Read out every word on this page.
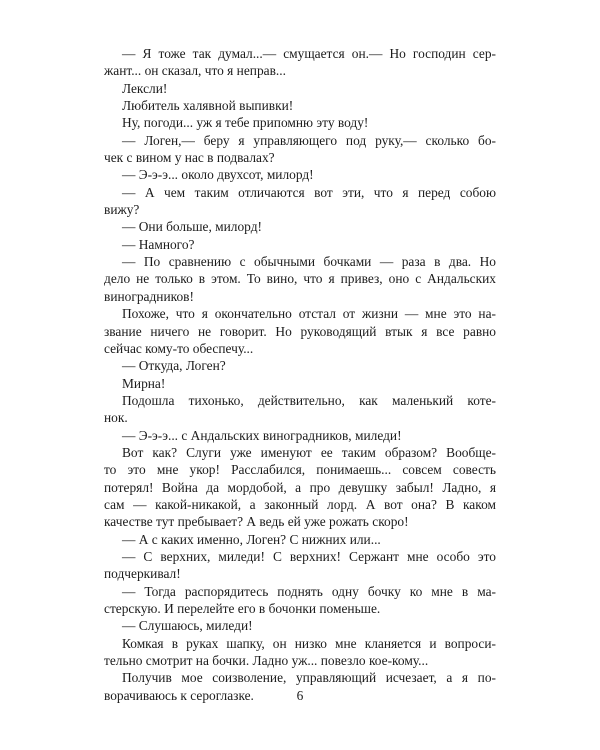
— Я тоже так думал...— смущается он.— Но господин сер-
жант... он сказал, что я неправ...
Лексли!
Любитель халявной выпивки!
Ну, погоди... уж я тебе припомню эту воду!
— Логен,— беру я управляющего под руку,— сколько бо-
чек с вином у нас в подвалах?
— Э-э-э... около двухсот, милорд!
— А чем таким отличаются вот эти, что я перед собою
вижу?
— Они больше, милорд!
— Намного?
— По сравнению с обычными бочками — раза в два. Но
дело не только в этом. То вино, что я привез, оно с Андальских
виноградников!
Похоже, что я окончательно отстал от жизни — мне это на-
звание ничего не говорит. Но руководящий втык я все равно
сейчас кому-то обеспечу...
— Откуда, Логен?
Мирна!
Подошла тихонько, действительно, как маленький котe-
нок.
— Э-э-э... с Андальских виноградников, миледи!
Вот как? Слуги уже именуют ее таким образом? Вообщe-
то это мне укор! Расслабился, понимаешь... совсем совесть
потерял! Война да мордобой, а про девушку забыл! Ладно, я
сам — какой-никакой, а законный лорд. А вот она? В каком
качестве тут пребывает? А ведь ей уже рожать скоро!
— А с каких именно, Логен? С нижних или...
— С верхних, миледи! С верхних! Сержант мне особо это
подчеркивал!
— Тогда распорядитесь поднять одну бочку ко мне в ма-
стерскую. И перелейте его в бочонки поменьше.
— Слушаюсь, миледи!
Комкая в руках шапку, он низко мне кланяется и вопроси-
тельно смотрит на бочки. Ладно уж... повезло кое-кому...
Получив мое соизволение, управляющий исчезает, а я по-
ворачиваюсь к сероглазке.	6
